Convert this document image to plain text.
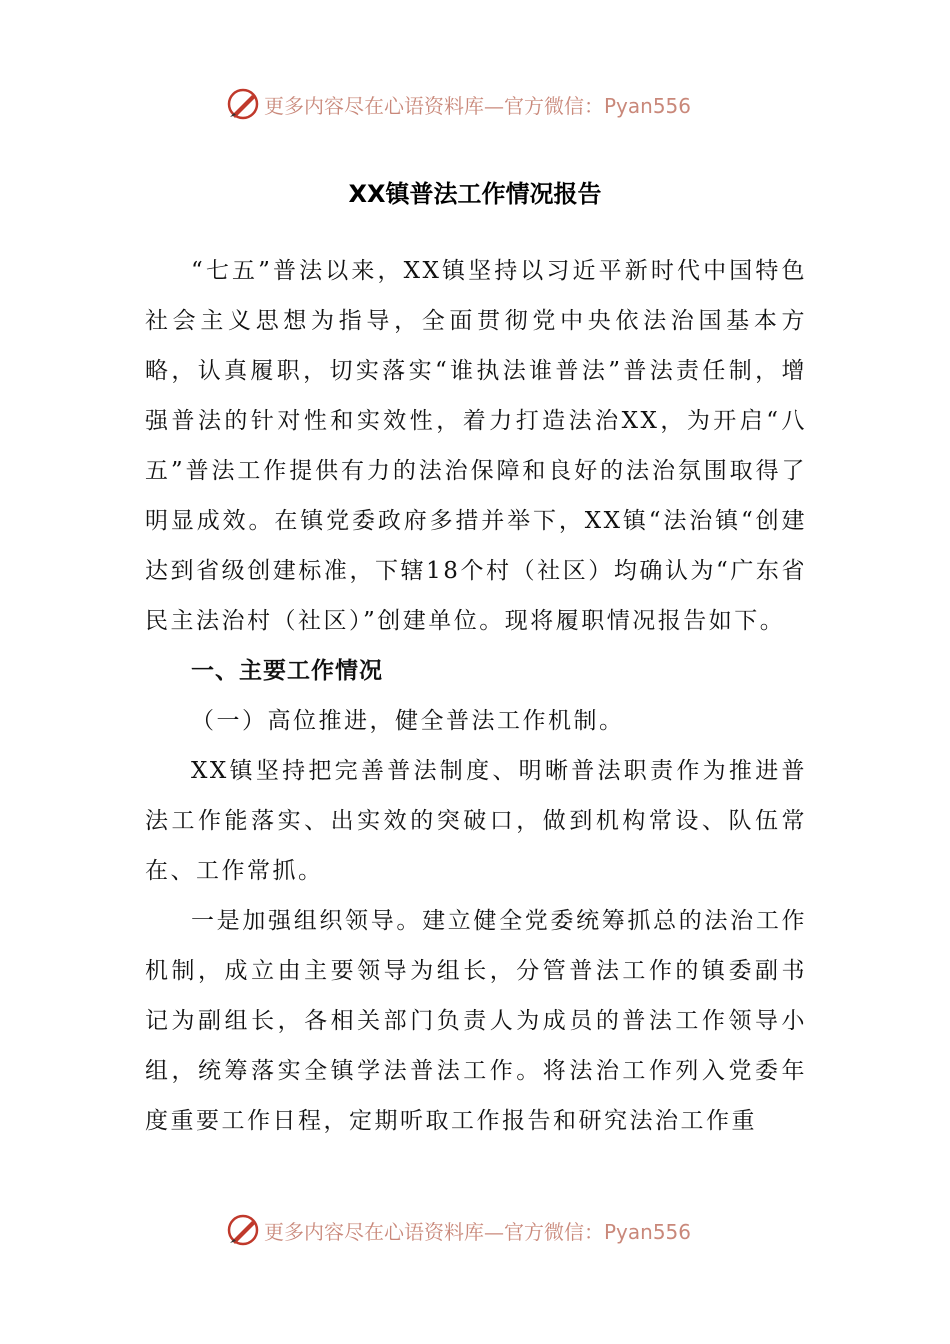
更多内容尽在心语资料库—官方微信：Pyan556
XX镇普法工作情况报告

“七五”普法以来，XX镇坚持以习近平新时代中国特色社会主义思想为指导，全面贯彻党中央依法治国基本方略，认真履职，切实落实“谁执法谁普法”普法责任制，增强普法的针对性和实效性，着力打造法治XX，为开启“八五”普法工作提供有力的法治保障和良好的法治氛围取得了明显成效。在镇党委政府多措并举下，XX镇“法治镇“创建达到省级创建标准，下辖18个村（社区）均确认为“广东省民主法治村（社区）”创建单位。现将履职情况报告如下。

一、主要工作情况

（一）高位推进，健全普法工作机制。

XX镇坚持把完善普法制度、明晰普法职责作为推进普法工作能落实、出实效的突破口，做到机构常设、队伍常在、工作常抓。

一是加强组织领导。建立健全党委统筹抓总的法治工作机制，成立由主要领导为组长，分管普法工作的镇委副书记为副组长，各相关部门负责人为成员的普法工作领导小组，统筹落实全镇学法普法工作。将法治工作列入党委年度重要工作日程，定期听取工作报告和研究法治工作重

更多内容尽在心语资料库—官方微信：Pyan556
